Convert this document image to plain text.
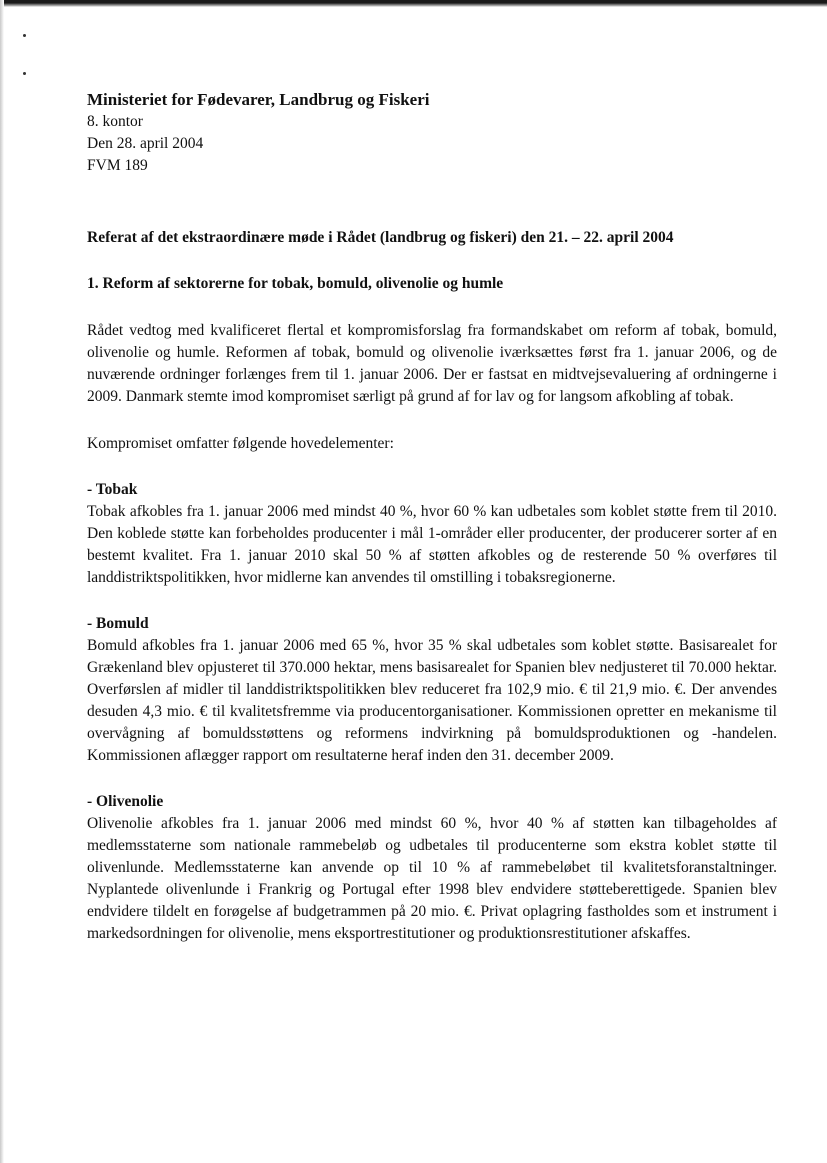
Ministeriet for Fødevarer, Landbrug og Fiskeri

8. kontor

Den 28. april 2004

FVM 189

Referat af det ekstraordinære møde i Rådet (landbrug og fiskeri) den 21. – 22. april 2004

1. Reform af sektorerne for tobak, bomuld, olivenolie og humle

Rådet vedtog med kvalificeret flertal et kompromisforslag fra formandskabet om reform af tobak, bomuld, olivenolie og humle. Reformen af tobak, bomuld og olivenolie iværksættes først fra 1. januar 2006, og de nuværende ordninger forlænges frem til 1. januar 2006. Der er fastsat en midtvejsevaluering af ordningerne i 2009. Danmark stemte imod kompromiset særligt på grund af for lav og for langsom afkobling af tobak.

Kompromiset omfatter følgende hovedelementer:

- Tobak

Tobak afkobles fra 1. januar 2006 med mindst 40 %, hvor 60 % kan udbetales som koblet støtte frem til 2010. Den koblede støtte kan forbeholdes producenter i mål 1-områder eller producenter, der producerer sorter af en bestemt kvalitet. Fra 1. januar 2010 skal 50 % af støtten afkobles og de resterende 50 % overføres til landdistriktspolitikken, hvor midlerne kan anvendes til omstilling i tobaksregionerne.

- Bomuld

Bomuld afkobles fra 1. januar 2006 med 65 %, hvor 35 % skal udbetales som koblet støtte. Basisarealet for Grækenland blev opjusteret til 370.000 hektar, mens basisarealet for Spanien blev nedjusteret til 70.000 hektar. Overførslen af midler til landdistriktspolitikken blev reduceret fra 102,9 mio. € til 21,9 mio. €. Der anvendes desuden 4,3 mio. € til kvalitetsfremme via producentorganisationer. Kommissionen opretter en mekanisme til overvågning af bomuldsstøttens og reformens indvirkning på bomuldsproduktionen og -handelen. Kommissionen aflægger rapport om resultaterne heraf inden den 31. december 2009.

- Olivenolie

Olivenolie afkobles fra 1. januar 2006 med mindst 60 %, hvor 40 % af støtten kan tilbageholdes af medlemsstaterne som nationale rammebeløb og udbetales til producenterne som ekstra koblet støtte til olivenlunde. Medlemsstaterne kan anvende op til 10 % af rammebeløbet til kvalitetsforanstaltninger. Nyplantede olivenlunde i Frankrig og Portugal efter 1998 blev endvidere støtteberettigede. Spanien blev endvidere tildelt en forøgelse af budgetrammen på 20 mio. €. Privat oplagring fastholdes som et instrument i markedsordningen for olivenolie, mens eksportrestitutioner og produktionsrestitutioner afskaffes.
